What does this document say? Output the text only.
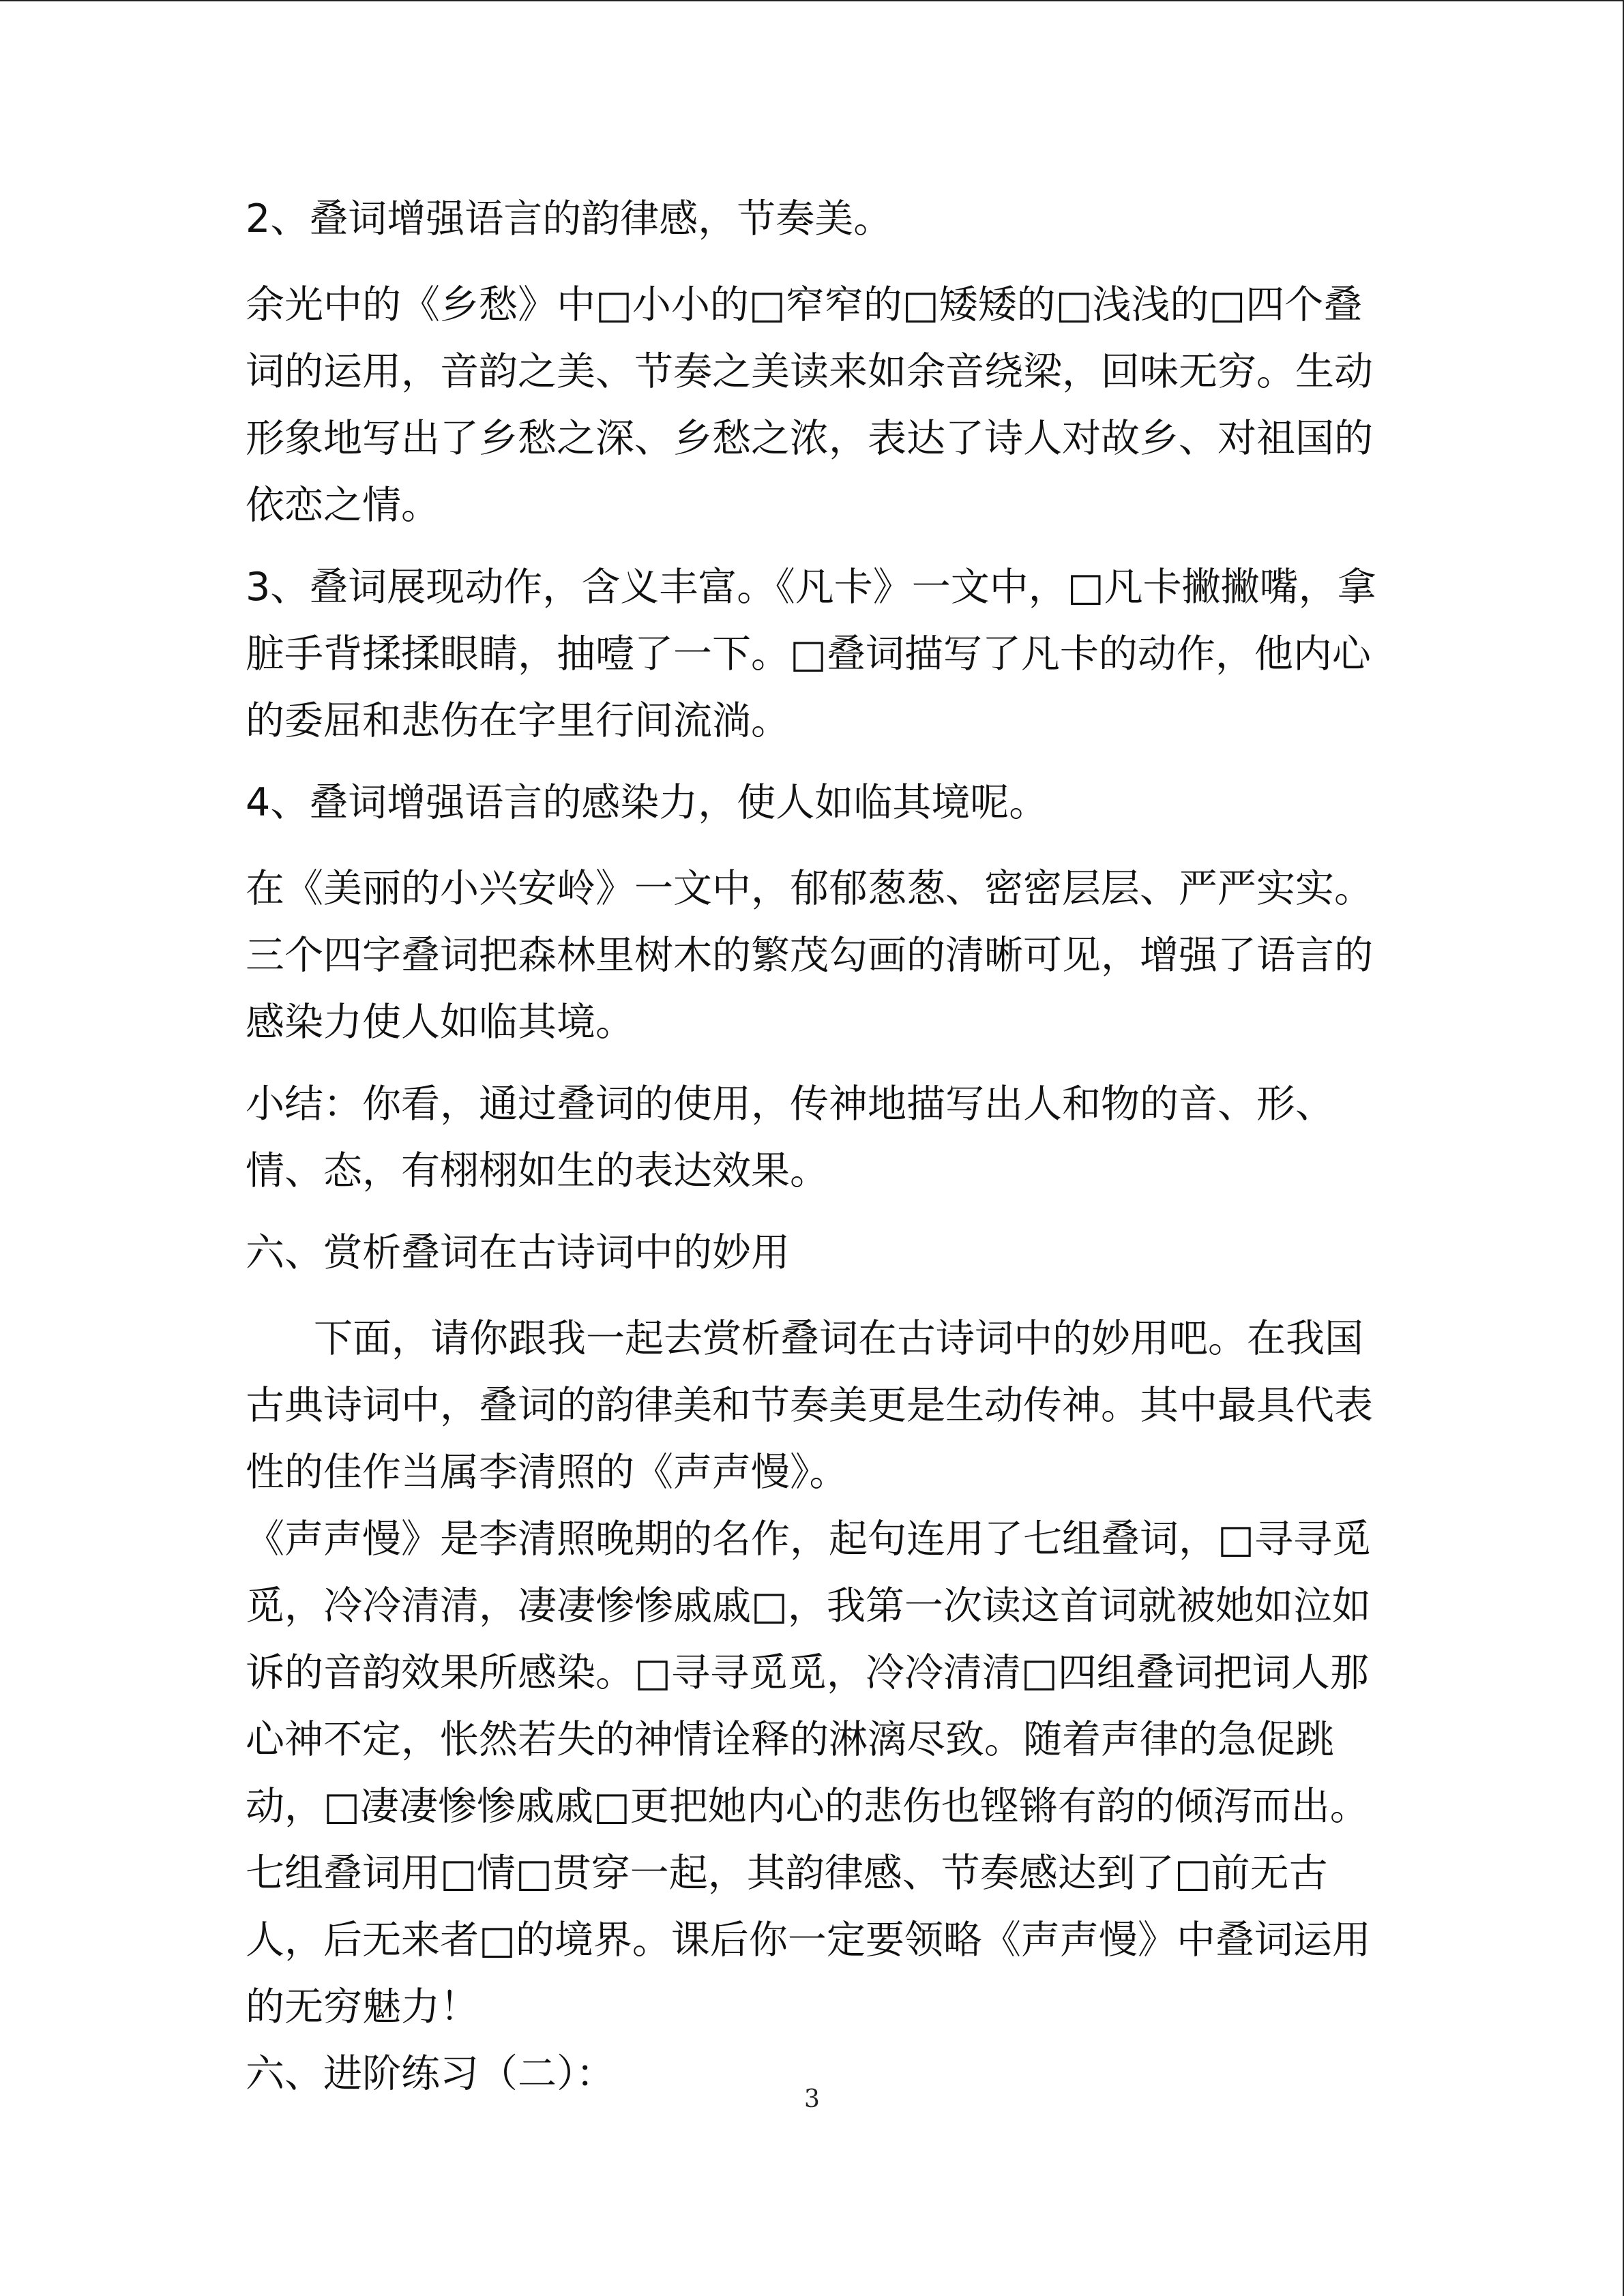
2、叠词增强语言的韵律感，节奏美。

余光中的《乡愁》中□小小的□窄窄的□矮矮的□浅浅的□四个叠词的运用，音韵之美、节奏之美读来如余音绕梁，回味无穷。生动形象地写出了乡愁之深、乡愁之浓，表达了诗人对故乡、对祖国的依恋之情。

3、叠词展现动作，含义丰富。《凡卡》一文中，□凡卡撇撇嘴，拿脏手背揉揉眼睛，抽噎了一下。□叠词描写了凡卡的动作，他内心的委屈和悲伤在字里行间流淌。

4、叠词增强语言的感染力，使人如临其境呢。

在《美丽的小兴安岭》一文中，郁郁葱葱、密密层层、严严实实。三个四字叠词把森林里树木的繁茂勾画的清晰可见，增强了语言的感染力使人如临其境。

小结：你看，通过叠词的使用，传神地描写出人和物的音、形、情、态，有栩栩如生的表达效果。

六、赏析叠词在古诗词中的妙用

下面，请你跟我一起去赏析叠词在古诗词中的妙用吧。在我国古典诗词中，叠词的韵律美和节奏美更是生动传神。其中最具代表性的佳作当属李清照的《声声慢》。

《声声慢》是李清照晚期的名作，起句连用了七组叠词，□寻寻觅觅，冷冷清清，凄凄惨惨戚戚□，我第一次读这首词就被她如泣如诉的音韵效果所感染。□寻寻觅觅，冷冷清清□四组叠词把词人那心神不定，怅然若失的神情诠释的淋漓尽致。随着声律的急促跳动，□凄凄惨惨戚戚□更把她内心的悲伤也铿锵有韵的倾泻而出。七组叠词用□情□贯穿一起，其韵律感、节奏感达到了□前无古人，后无来者□的境界。课后你一定要领略《声声慢》中叠词运用的无穷魅力！

六、进阶练习（二）：

3
